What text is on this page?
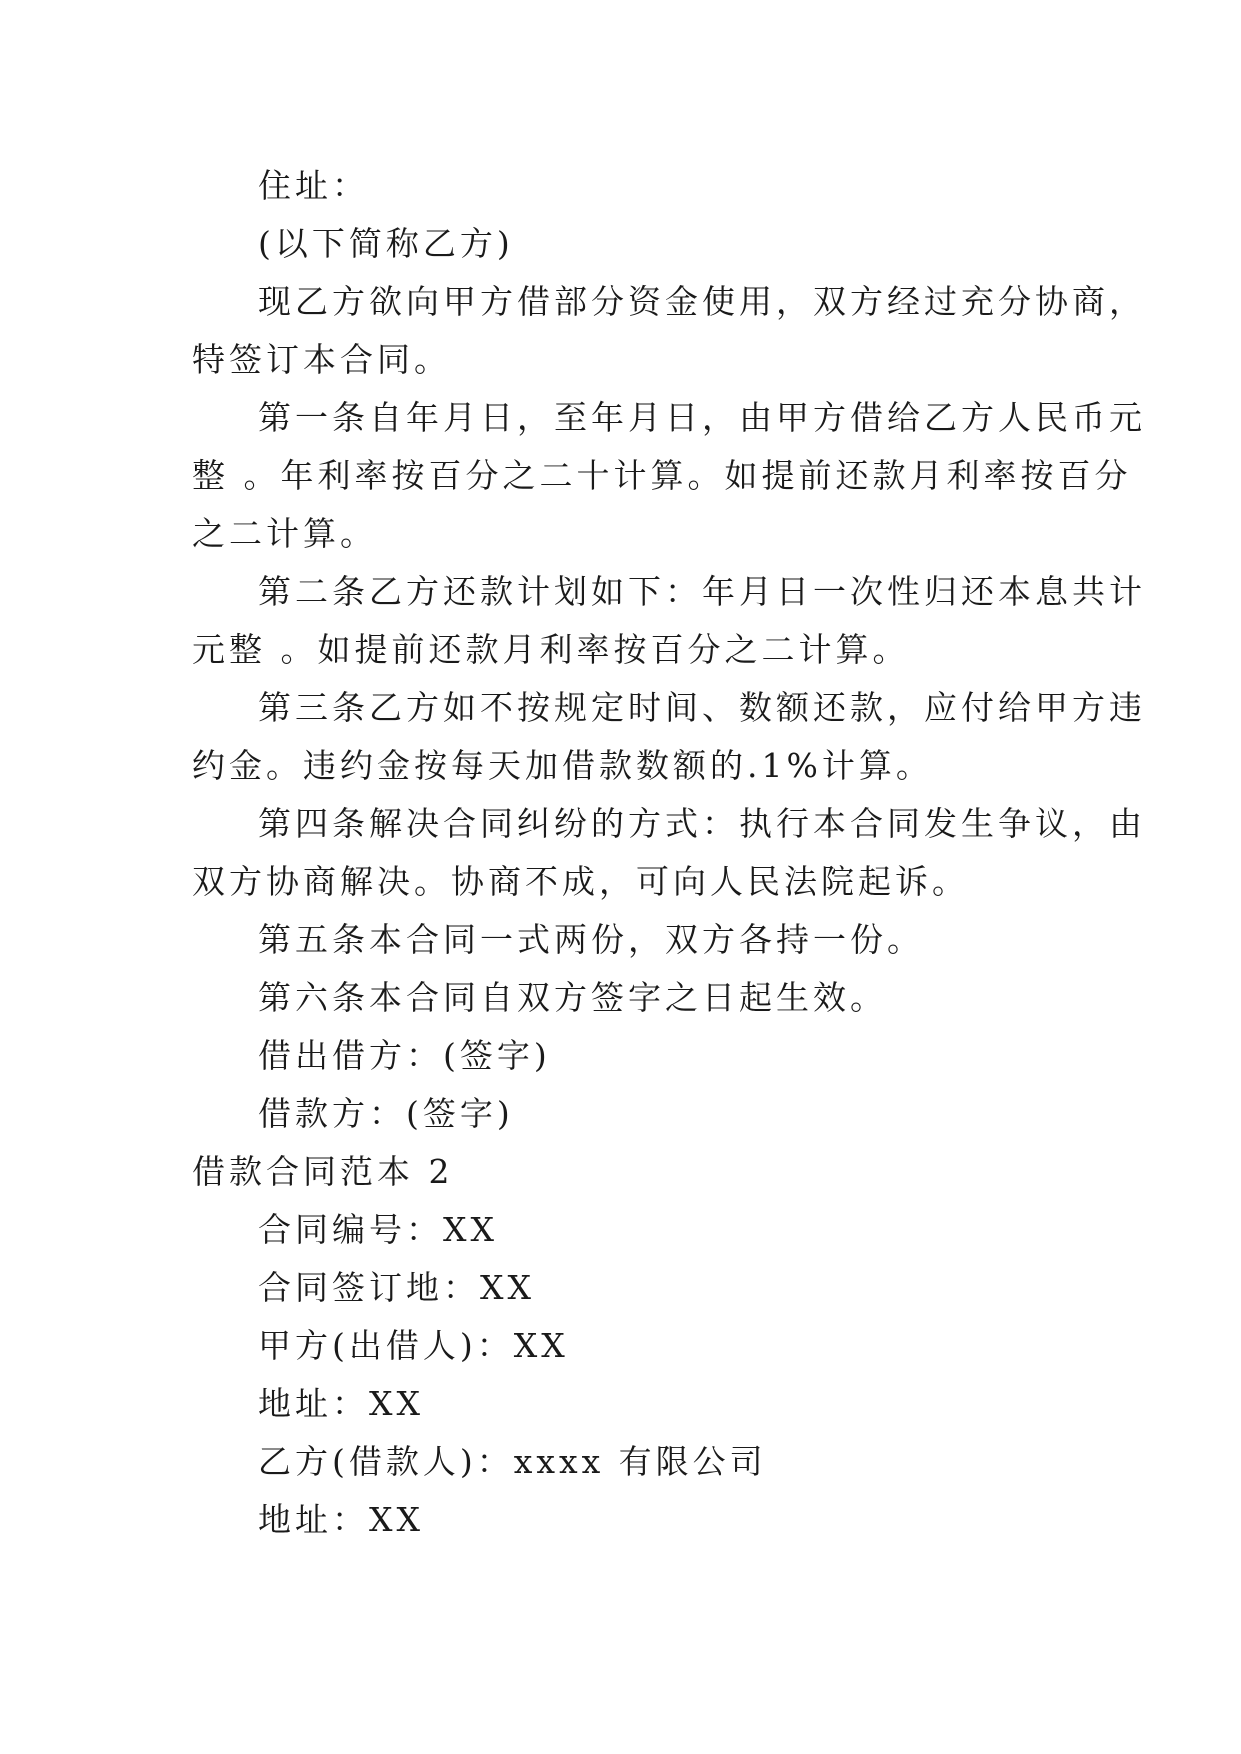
住址：
(以下简称乙方)
现乙方欲向甲方借部分资金使用，双方经过充分协商，
特签订本合同。
第一条自年月日，至年月日，由甲方借给乙方人民币元
整 。年利率按百分之二十计算。如提前还款月利率按百分
之二计算。
第二条乙方还款计划如下：年月日一次性归还本息共计
元整 。如提前还款月利率按百分之二计算。
第三条乙方如不按规定时间、数额还款，应付给甲方违
约金。违约金按每天加借款数额的.1%计算。
第四条解决合同纠纷的方式：执行本合同发生争议，由
双方协商解决。协商不成，可向人民法院起诉。
第五条本合同一式两份，双方各持一份。
第六条本合同自双方签字之日起生效。
借出借方：(签字)
借款方：(签字)
借款合同范本 2
合同编号：XX
合同签订地：XX
甲方(出借人)：XX
地址：XX
乙方(借款人)：xxxx 有限公司
地址：XX
